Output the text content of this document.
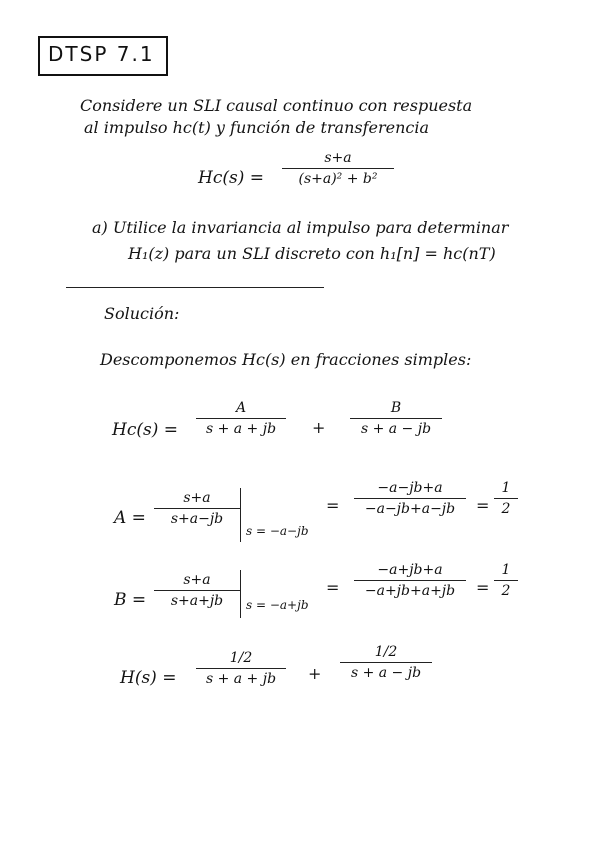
DTSP 7.1
Considere un SLI causal continuo con respuesta
al impulso hc(t) y función de transferencia
Hc(s) =
s+a
(s+a)² + b²
a) Utilice la invariancia al impulso para determinar
H₁(z) para un SLI discreto con h₁[n] = hc(nT)
Solución:
Descomponemos Hc(s) en fracciones simples:
Hc(s) =
A
s + a + jb +
B
s + a − jb
A =
s+a
s+a−jb
s = −a−jb
=
−a−jb+a
−a−jb+a−jb =
1
2
B =
s+a
s+a+jb	s = −a+jb
=
−a+jb+a
−a+jb+a+jb =
1
2
H(s) =
1/2
s + a + jb +
1/2
s + a − jb
